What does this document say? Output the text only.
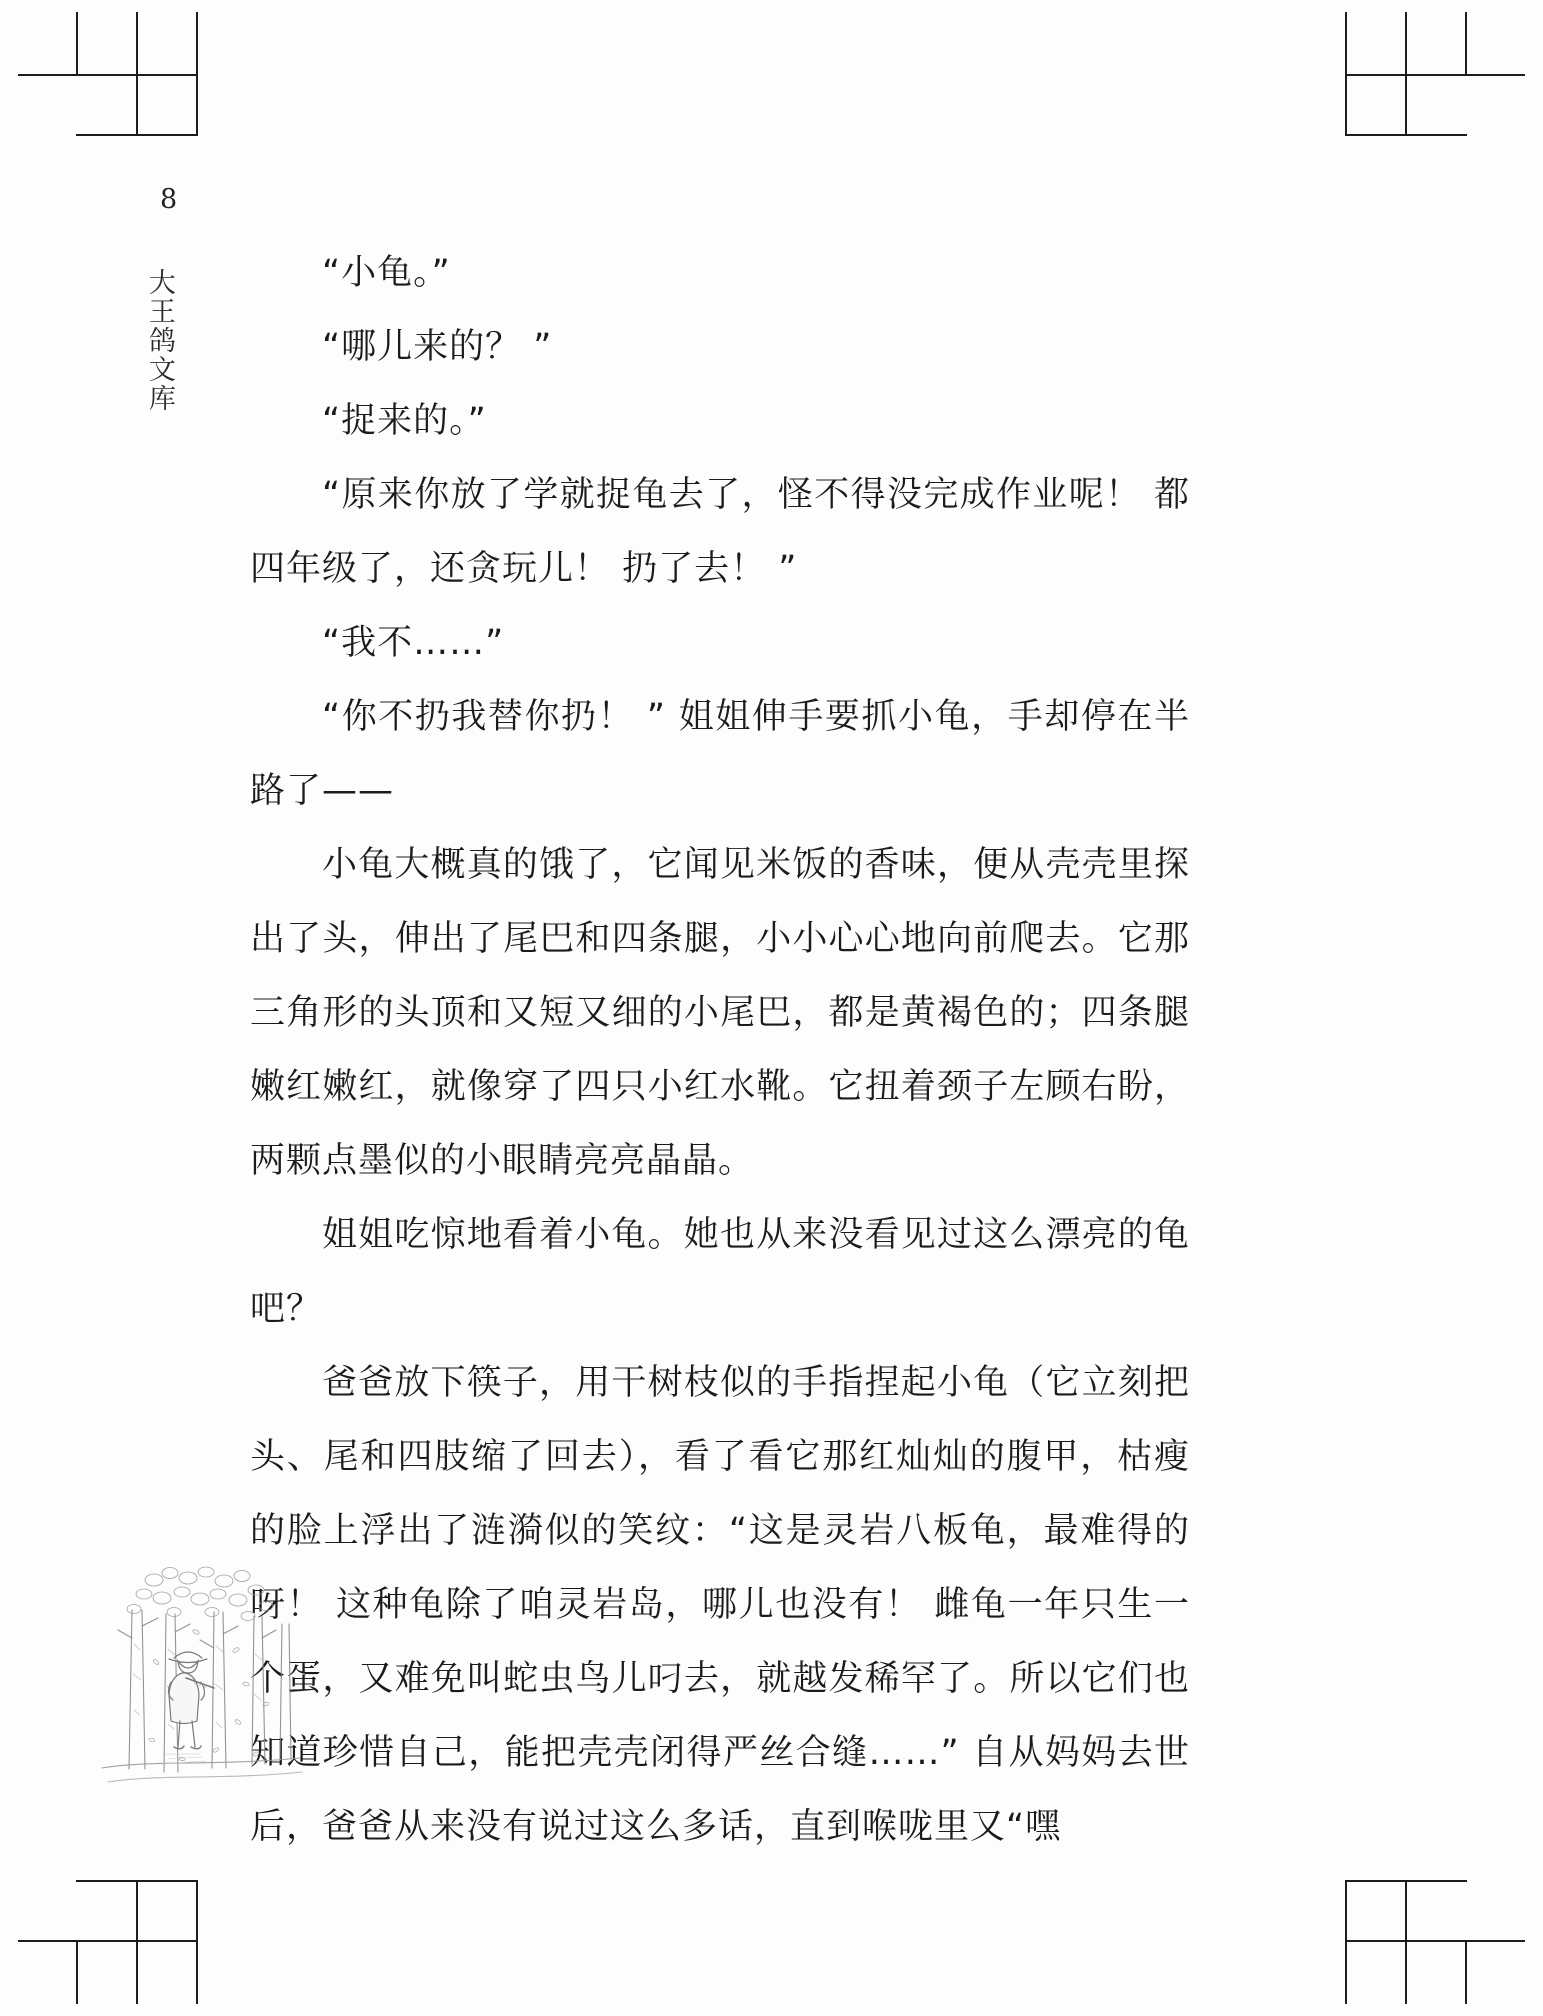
8
大王鸽文库	“小龟。”

“哪儿来的？ ”

“捉来的。”

“原来你放了学就捉龟去了，怪不得没完成作业呢！ 都四年级了，还贪玩儿！ 扔了去！ ”

“我不……”

“你不扔我替你扔！ ” 姐姐伸手要抓小龟，手却停在半路了——

小龟大概真的饿了，它闻见米饭的香味，便从壳壳里探出了头，伸出了尾巴和四条腿，小小心心地向前爬去。它那三角形的头顶和又短又细的小尾巴，都是黄褐色的；四条腿嫩红嫩红，就像穿了四只小红水靴。它扭着颈子左顾右盼，两颗点墨似的小眼睛亮亮晶晶。

姐姐吃惊地看着小龟。她也从来没看见过这么漂亮的龟吧？

爸爸放下筷子，用干树枝似的手指捏起小龟（它立刻把头、尾和四肢缩了回去），看了看它那红灿灿的腹甲，枯瘦的脸上浮出了涟漪似的笑纹：“这是灵岩八板龟，最难得的呀！ 这种龟除了咱灵岩岛，哪儿也没有！ 雌龟一年只生一个蛋，又难免叫蛇虫鸟儿叼去，就越发稀罕了。所以它们也知道珍惜自己，能把壳壳闭得严丝合缝……” 自从妈妈去世后，爸爸从来没有说过这么多话，直到喉咙里又“嘿
